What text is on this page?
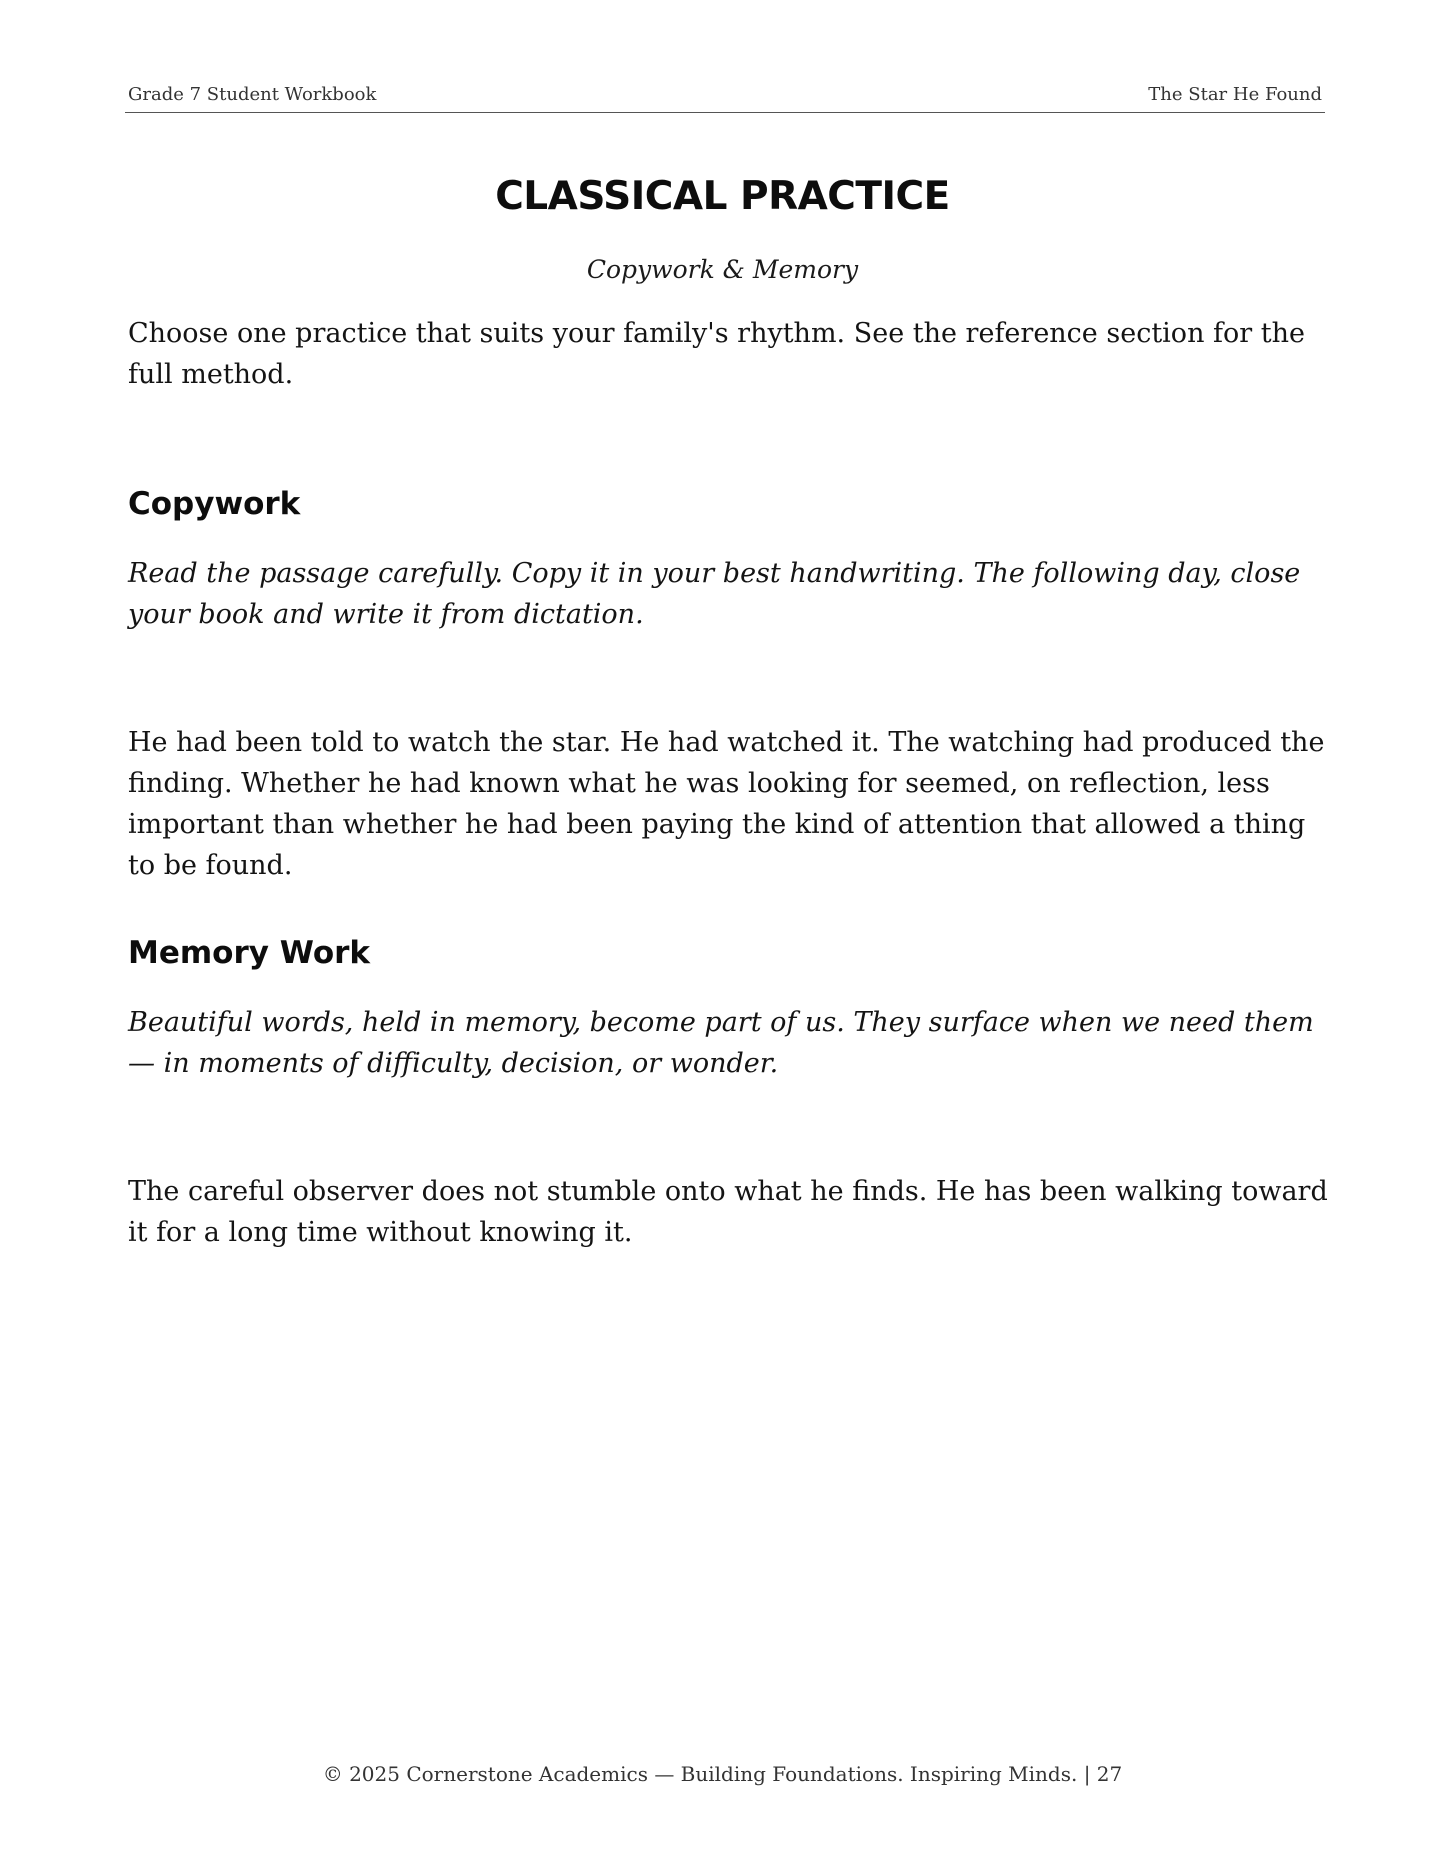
Grade 7 Student Workbook	The Star He Found
CLASSICAL PRACTICE
Copywork & Memory

Choose one practice that suits your family's rhythm. See the reference section for the full method.

Copywork

Read the passage carefully. Copy it in your best handwriting. The following day, close your book and write it from dictation.

He had been told to watch the star. He had watched it. The watching had produced the finding. Whether he had known what he was looking for seemed, on reflection, less important than whether he had been paying the kind of attention that allowed a thing to be found.

Memory Work

Beautiful words, held in memory, become part of us. They surface when we need them — in moments of difficulty, decision, or wonder.

The careful observer does not stumble onto what he finds. He has been walking toward it for a long time without knowing it.

© 2025 Cornerstone Academics — Building Foundations. Inspiring Minds. | 27
